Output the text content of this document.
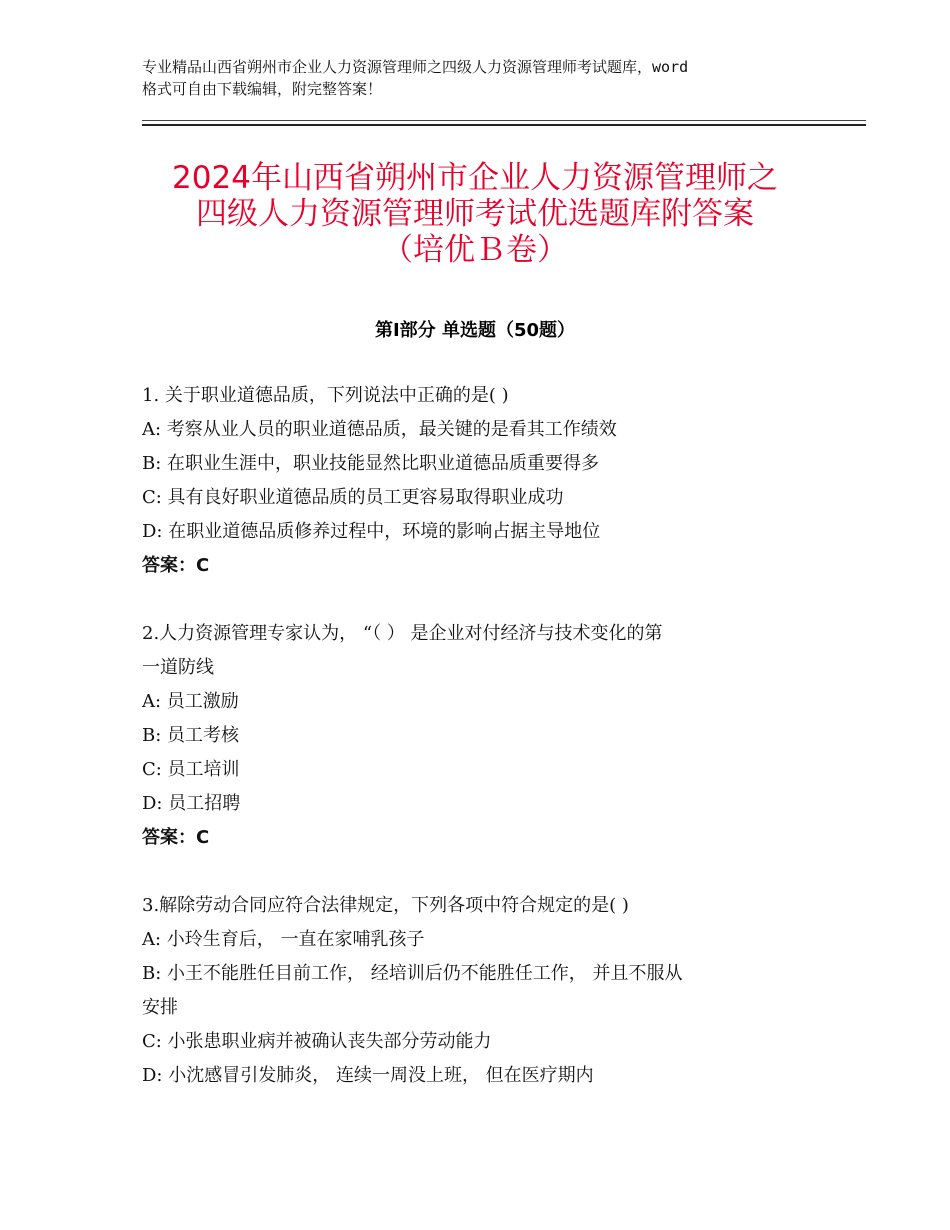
专业精品山西省朔州市企业人力资源管理师之四级人力资源管理师考试题库，word

格式可自由下载编辑，附完整答案！

2024年山西省朔州市企业人力资源管理师之

四级人力资源管理师考试优选题库附答案

（培优Ｂ卷）

第Ⅰ部分 单选题（50题）
1. 关于职业道德品质，下列说法中正确的是( )
A: 考察从业人员的职业道德品质，最关键的是看其工作绩效
B: 在职业生涯中，职业技能显然比职业道德品质重要得多
C: 具有良好职业道德品质的员工更容易取得职业成功
D: 在职业道德品质修养过程中，环境的影响占据主导地位
答案：C
2.人力资源管理专家认为， “（ ） 是企业对付经济与技术变化的第
一道防线
A: 员工激励
B: 员工考核
C: 员工培训
D: 员工招聘
答案：C
3.解除劳动合同应符合法律规定，下列各项中符合规定的是( )
A: 小玲生育后， 一直在家哺乳孩子
B: 小王不能胜任目前工作， 经培训后仍不能胜任工作， 并且不服从
安排
C: 小张患职业病并被确认丧失部分劳动能力
D: 小沈感冒引发肺炎， 连续一周没上班， 但在医疗期内
